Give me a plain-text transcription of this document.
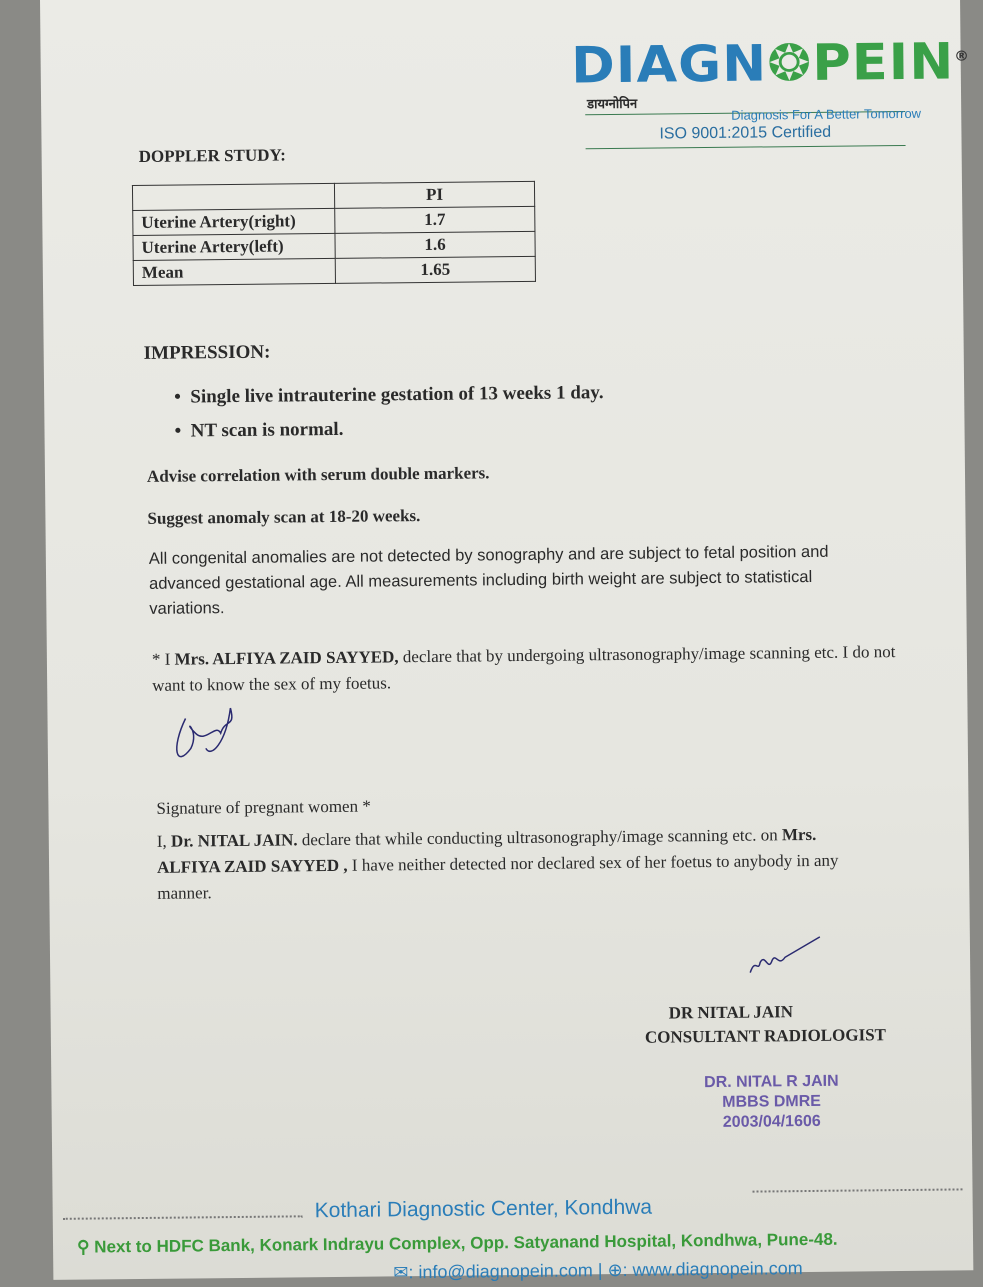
DIAGN❂PEIN®
डायग्नोपिन
Diagnosis For A Better Tomorrow
ISO 9001:2015 Certified
DOPPLER STUDY:
	PI
Uterine Artery(right)	1.7
Uterine Artery(left)	1.6
Mean	1.65
IMPRESSION:
•  Single live intrauterine gestation of 13 weeks 1 day.
•  NT scan is normal.
Advise correlation with serum double markers.
Suggest anomaly scan at 18-20 weeks.
All congenital anomalies are not detected by sonography and are subject to fetal position and advanced gestational age. All measurements including birth weight are subject to statistical variations.
* I Mrs. ALFIYA ZAID SAYYED, declare that by undergoing ultrasonography/image scanning etc. I do not want to know the sex of my foetus.
Signature of pregnant women *
I, Dr. NITAL JAIN. declare that while conducting ultrasonography/image scanning etc. on Mrs. ALFIYA ZAID SAYYED , I have neither detected nor declared sex of her foetus to anybody in any manner.
DR NITAL JAIN
CONSULTANT RADIOLOGIST
DR. NITAL R JAIN
MBBS DMRE
2003/04/1606
Kothari Diagnostic Center, Kondhwa
⚲ Next to HDFC Bank, Konark Indrayu Complex, Opp. Satyanand Hospital, Kondhwa, Pune-48.
✉: info@diagnopein.com | ⊕: www.diagnopein.com
